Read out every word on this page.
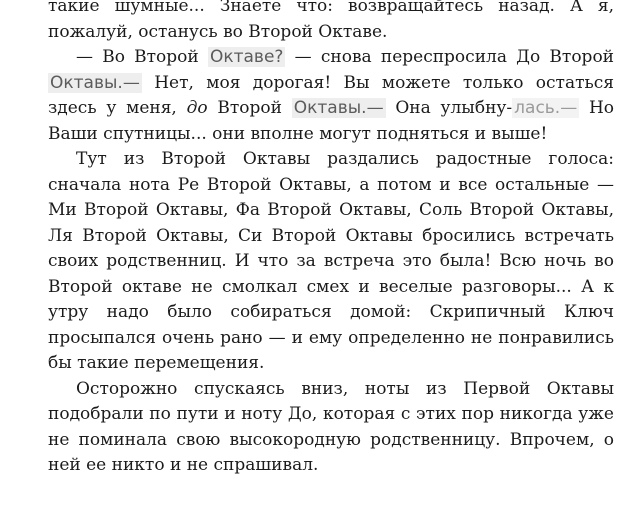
такие шумные... Знаете что: возвращайтесь назад. А я, пожалуй, останусь во Второй Октаве.

— Во Второй Октаве? — снова переспросила До Второй Октавы.— Нет, моя дорогая! Вы можете только остаться здесь у меня, до Второй Октавы.— Она улыбну- лась.— Но Ваши спутницы... они вполне могут подняться и выше!

Тут из Второй Октавы раздались радостные голоса: сначала нота Ре Второй Октавы, а потом и все остальные — Ми Второй Октавы, Фа Второй Октавы, Соль Второй Октавы, Ля Второй Октавы, Си Второй Октавы бросились встречать своих родственниц. И что за встреча это была! Всю ночь во Второй октаве не смолкал смех и веселые разговоры... А к утру надо было собираться домой: Скрипичный Ключ просыпался очень рано — и ему определенно не понравились бы такие перемещения.

Осторожно спускаясь вниз, ноты из Первой Октавы подобрали по пути и ноту До, которая с этих пор никогда уже не поминала свою высокородную родственницу. Впрочем, о ней ее никто и не спрашивал.
